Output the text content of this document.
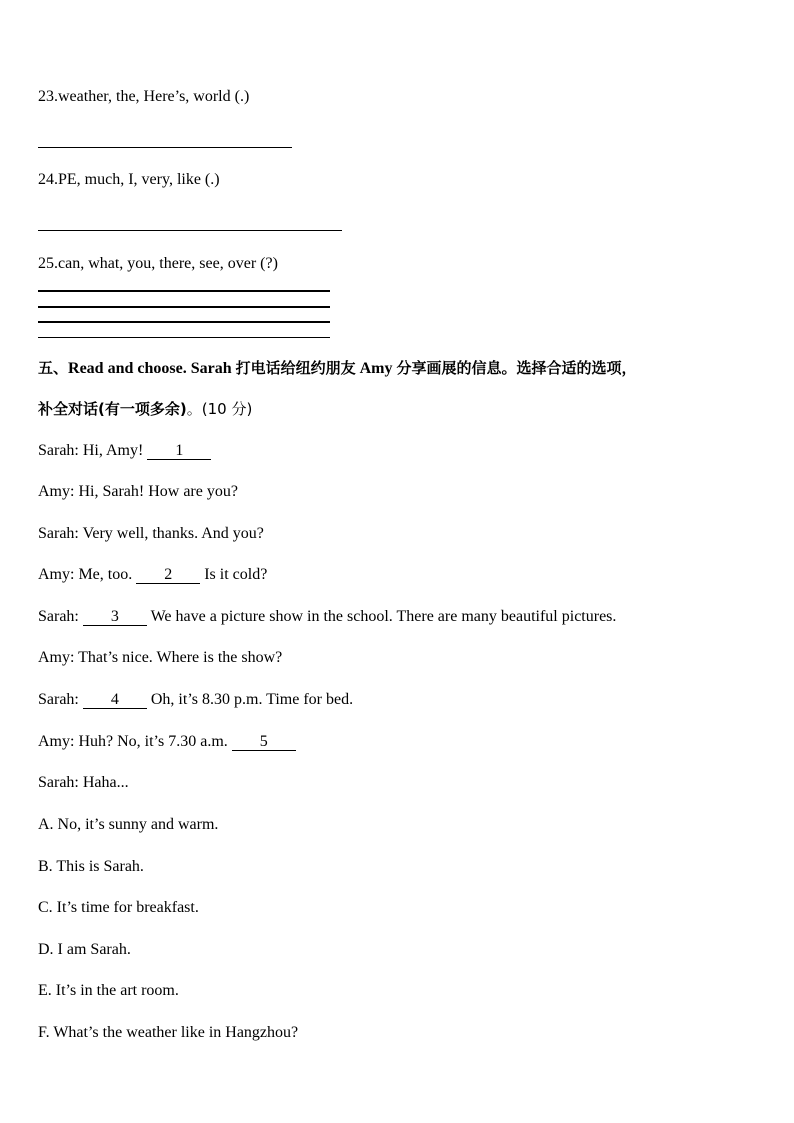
23.weather, the, Here’s, world (.)
24.PE, much, I, very, like (.)
25.can, what, you, there, see, over (?)
五、Read and choose. Sarah 打电话给纽约朋友 Amy 分享画展的信息。选择合适的选项，
补全对话(有一项多余)。(10 分)
Sarah: Hi, Amy! 1
Amy: Hi, Sarah! How are you?
Sarah: Very well, thanks. And you?
Amy: Me, too. 2 Is it cold?
Sarah: 3 We have a picture show in the school. There are many beautiful pictures.
Amy: That’s nice. Where is the show?
Sarah: 4 Oh, it’s 8.30 p.m. Time for bed.
Amy: Huh? No, it’s 7.30 a.m. 5
Sarah: Haha...
A. No, it’s sunny and warm.
B. This is Sarah.
C. It’s time for breakfast.
D. I am Sarah.
E. It’s in the art room.
F. What’s the weather like in Hangzhou?
